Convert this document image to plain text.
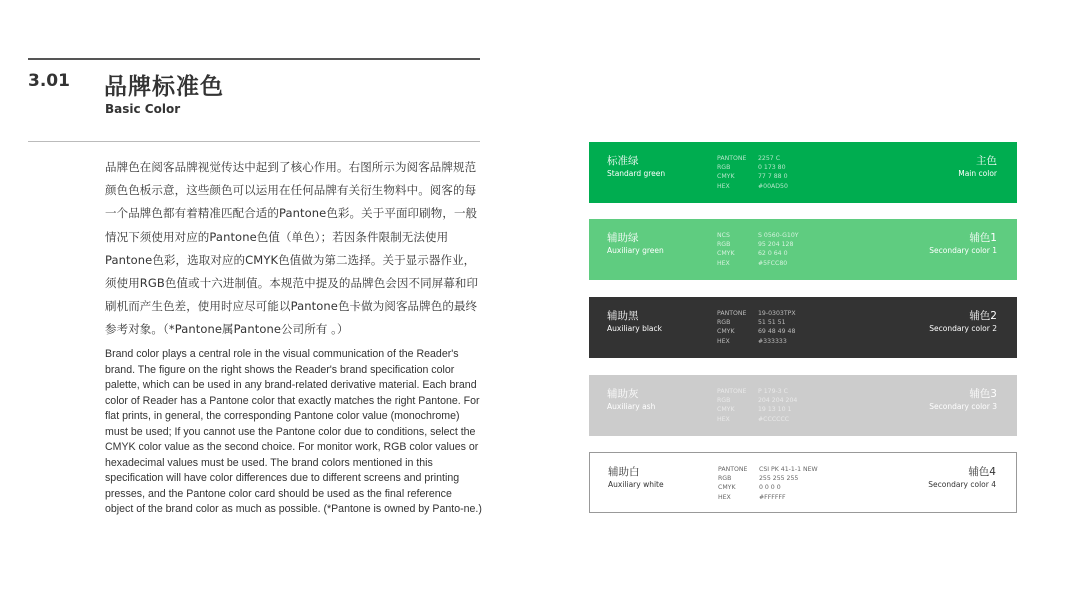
3.01 品牌标准色
Basic Color

品牌色在阅客品牌视觉传达中起到了核心作用。右图所示为阅客品牌规范颜色色板示意，这些颜色可以运用在任何品牌有关衍生物料中。阅客的每一个品牌色都有着精准匹配合适的Pantone色彩。关于平面印刷物，一般情况下须使用对应的Pantone色值（单色）；若因条件限制无法使用Pantone色彩，选取对应的CMYK色值做为第二选择。关于显示器作业，须使用RGB色值或十六进制值。本规范中提及的品牌色会因不同屏幕和印刷机而产生色差，使用时应尽可能以Pantone色卡做为阅客品牌色的最终参考对象。（*Pantone属Pantone公司所有 。）

Brand color plays a central role in the visual communication of the Reader's brand. The figure on the right shows the Reader's brand specification color palette, which can be used in any brand-related derivative material. Each brand color of Reader has a Pantone color that exactly matches the right Pantone. For flat prints, in general, the corresponding Pantone color value (monochrome) must be used; If you cannot use the Pantone color due to conditions, select the CMYK color value as the second choice. For monitor work, RGB color values or hexadecimal values must be used. The brand colors mentioned in this specification will have color differences due to different screens and printing presses, and the Pantone color card should be used as the final reference object of the brand color as much as possible. (*Pantone is owned by Panto-ne.)

标准绿
Standard green
PANTONE	2257 C
RGB	0 173 80
CMYK	77 7 88 0
HEX	#00AD50
主色
Main color
辅助绿
Auxiliary green
NCS	S 0560-G10Y
RGB	95 204 128
CMYK	62 0 64 0
HEX	#5FCC80
辅色1
Secondary color 1
辅助黑
Auxiliary black
PANTONE	19-0303TPX
RGB	51 51 51
CMYK	69 48 49 48
HEX	#333333
辅色2
Secondary color 2
辅助灰
Auxiliary ash
PANTONE	P 179-3 C
RGB	204 204 204
CMYK	19 13 10 1
HEX	#CCCCCC
辅色3
Secondary color 3
辅助白
Auxiliary white
PANTONE	CSI PK 41-1-1 NEW
RGB	255 255 255
CMYK	0 0 0 0
HEX	#FFFFFF
辅色4
Secondary color 4
